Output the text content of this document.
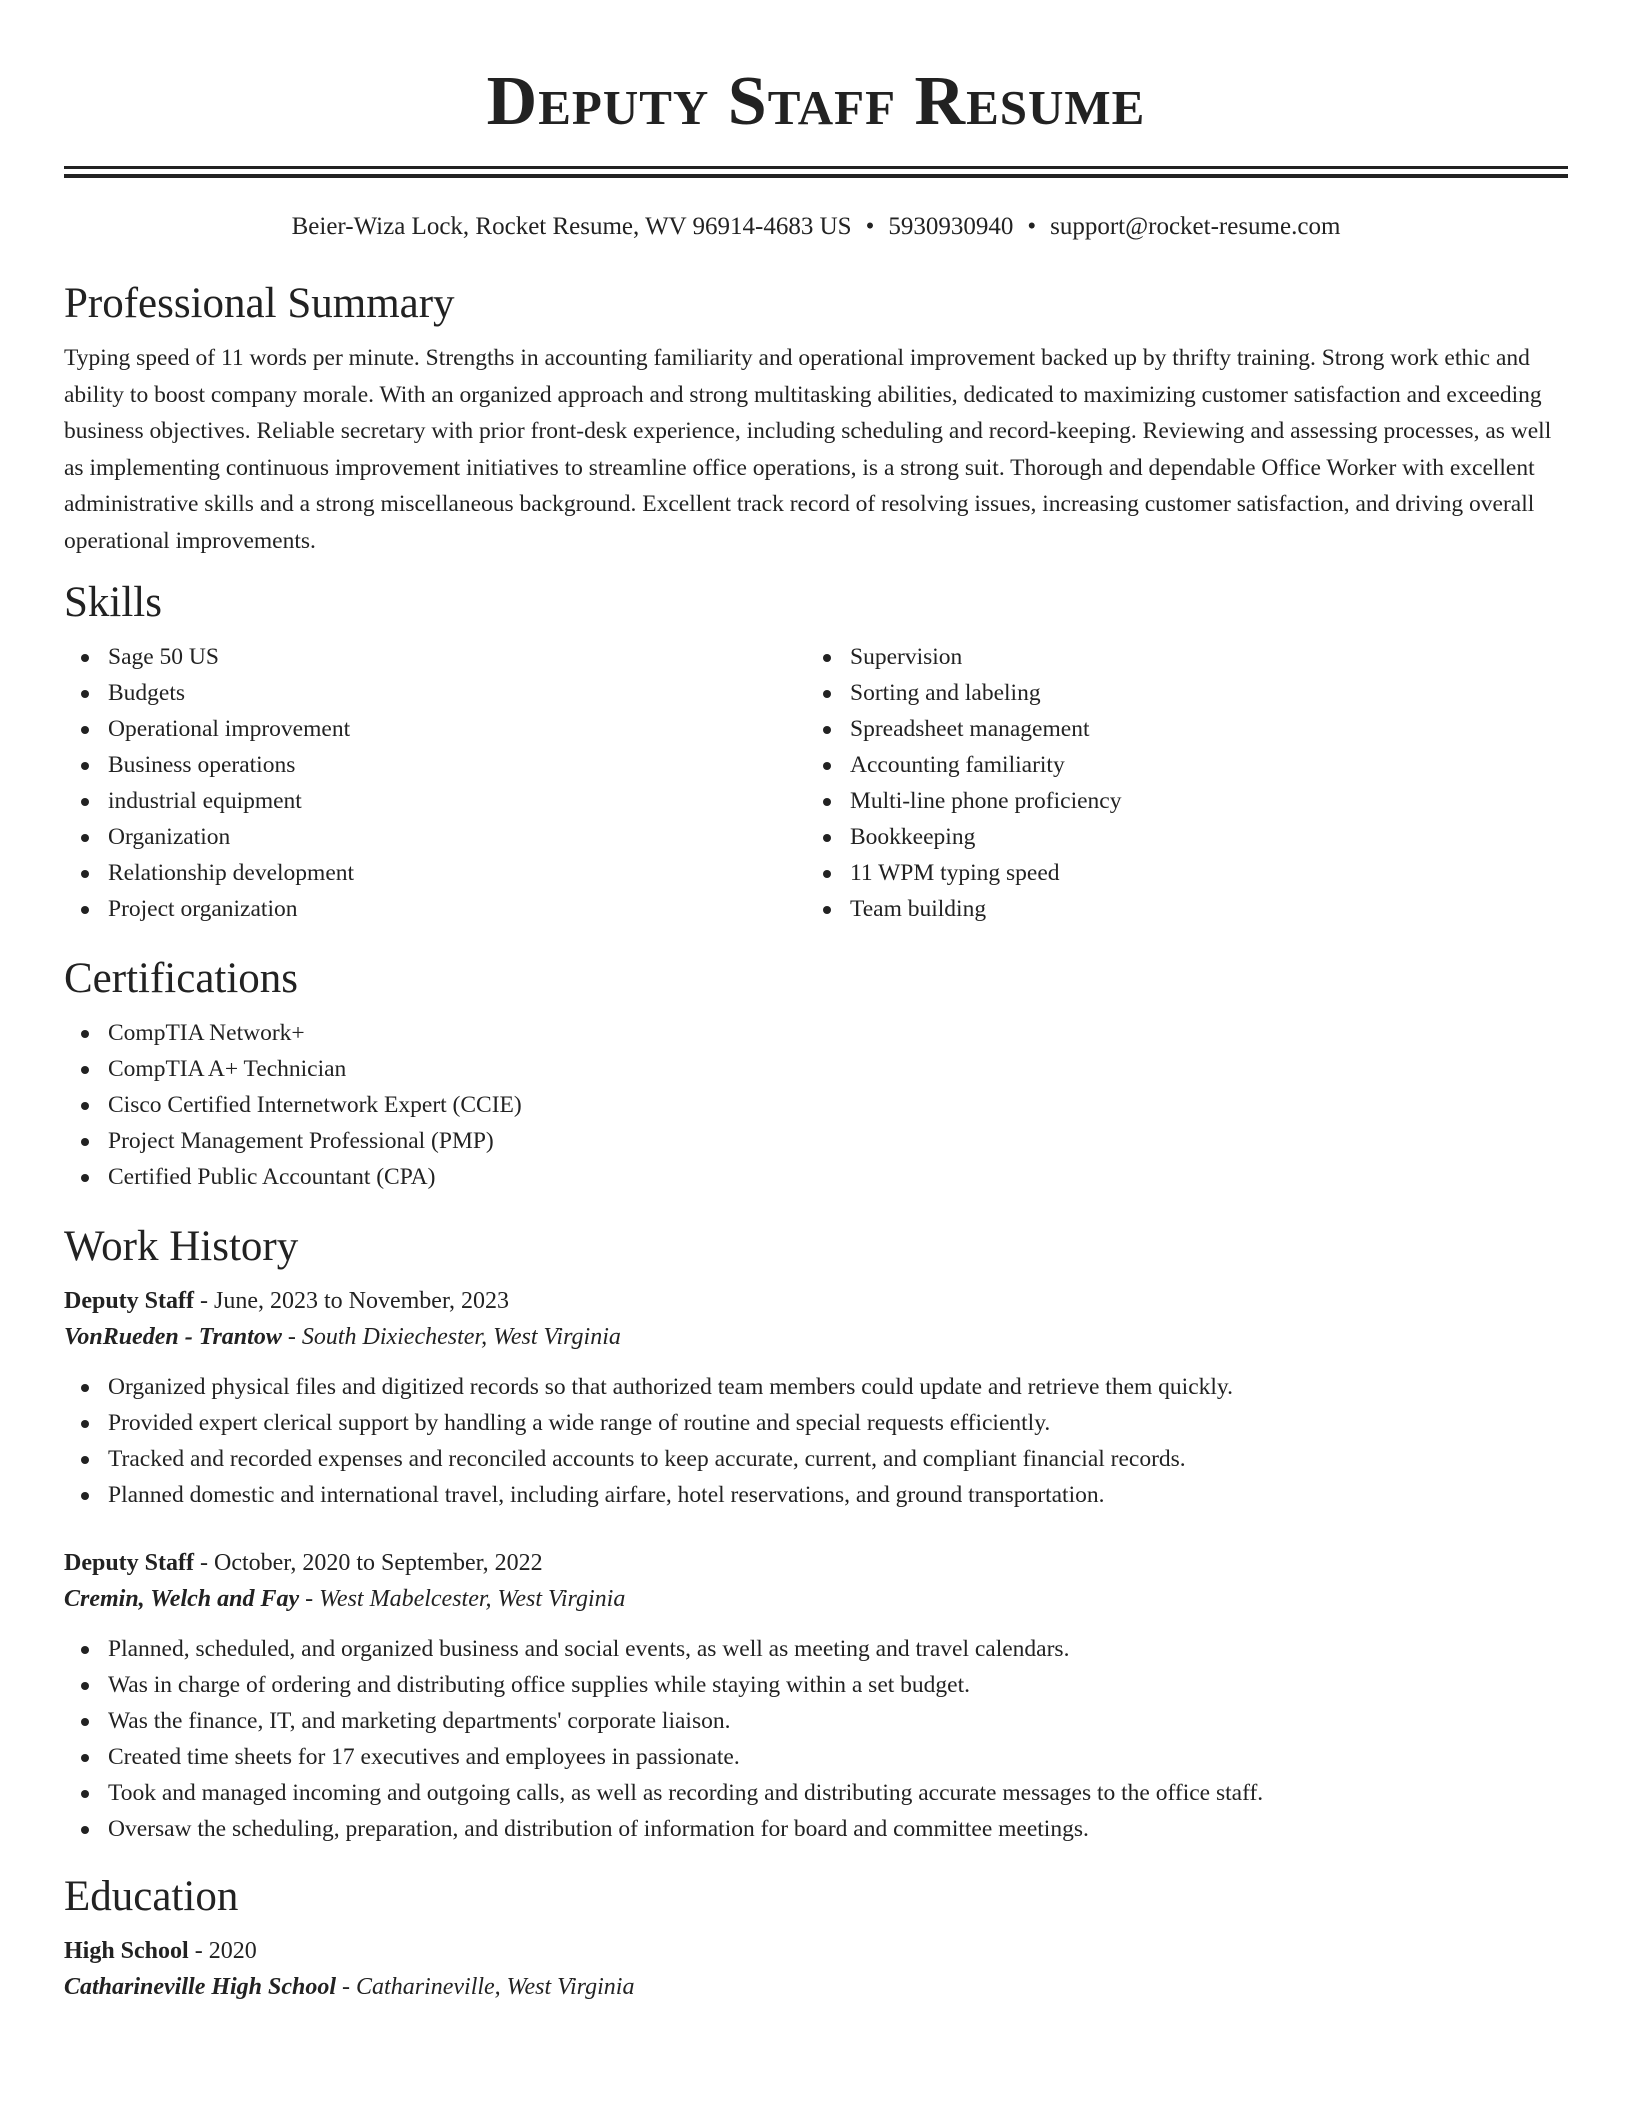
Deputy Staff Resume
Beier-Wiza Lock, Rocket Resume, WV 96914-4683 US • 5930930940 • support@rocket-resume.com
Professional Summary

Typing speed of 11 words per minute. Strengths in accounting familiarity and operational improvement backed up by thrifty training. Strong work ethic and ability to boost company morale. With an organized approach and strong multitasking abilities, dedicated to maximizing customer satisfaction and exceeding business objectives. Reliable secretary with prior front-desk experience, including scheduling and record-keeping. Reviewing and assessing processes, as well as implementing continuous improvement initiatives to streamline office operations, is a strong suit. Thorough and dependable Office Worker with excellent administrative skills and a strong miscellaneous background. Excellent track record of resolving issues, increasing customer satisfaction, and driving overall operational improvements.

Skills
Sage 50 US
Budgets
Operational improvement
Business operations
industrial equipment
Organization
Relationship development
Project organization
Supervision
Sorting and labeling
Spreadsheet management
Accounting familiarity
Multi-line phone proficiency
Bookkeeping
11 WPM typing speed
Team building
Certifications
CompTIA Network+
CompTIA A+ Technician
Cisco Certified Internetwork Expert (CCIE)
Project Management Professional (PMP)
Certified Public Accountant (CPA)
Work History
Deputy Staff - June, 2023 to November, 2023
VonRueden - Trantow - South Dixiechester, West Virginia
Organized physical files and digitized records so that authorized team members could update and retrieve them quickly.
Provided expert clerical support by handling a wide range of routine and special requests efficiently.
Tracked and recorded expenses and reconciled accounts to keep accurate, current, and compliant financial records.
Planned domestic and international travel, including airfare, hotel reservations, and ground transportation.
Deputy Staff - October, 2020 to September, 2022
Cremin, Welch and Fay - West Mabelcester, West Virginia
Planned, scheduled, and organized business and social events, as well as meeting and travel calendars.
Was in charge of ordering and distributing office supplies while staying within a set budget.
Was the finance, IT, and marketing departments' corporate liaison.
Created time sheets for 17 executives and employees in passionate.
Took and managed incoming and outgoing calls, as well as recording and distributing accurate messages to the office staff.
Oversaw the scheduling, preparation, and distribution of information for board and committee meetings.
Education
High School - 2020
Catharineville High School - Catharineville, West Virginia
